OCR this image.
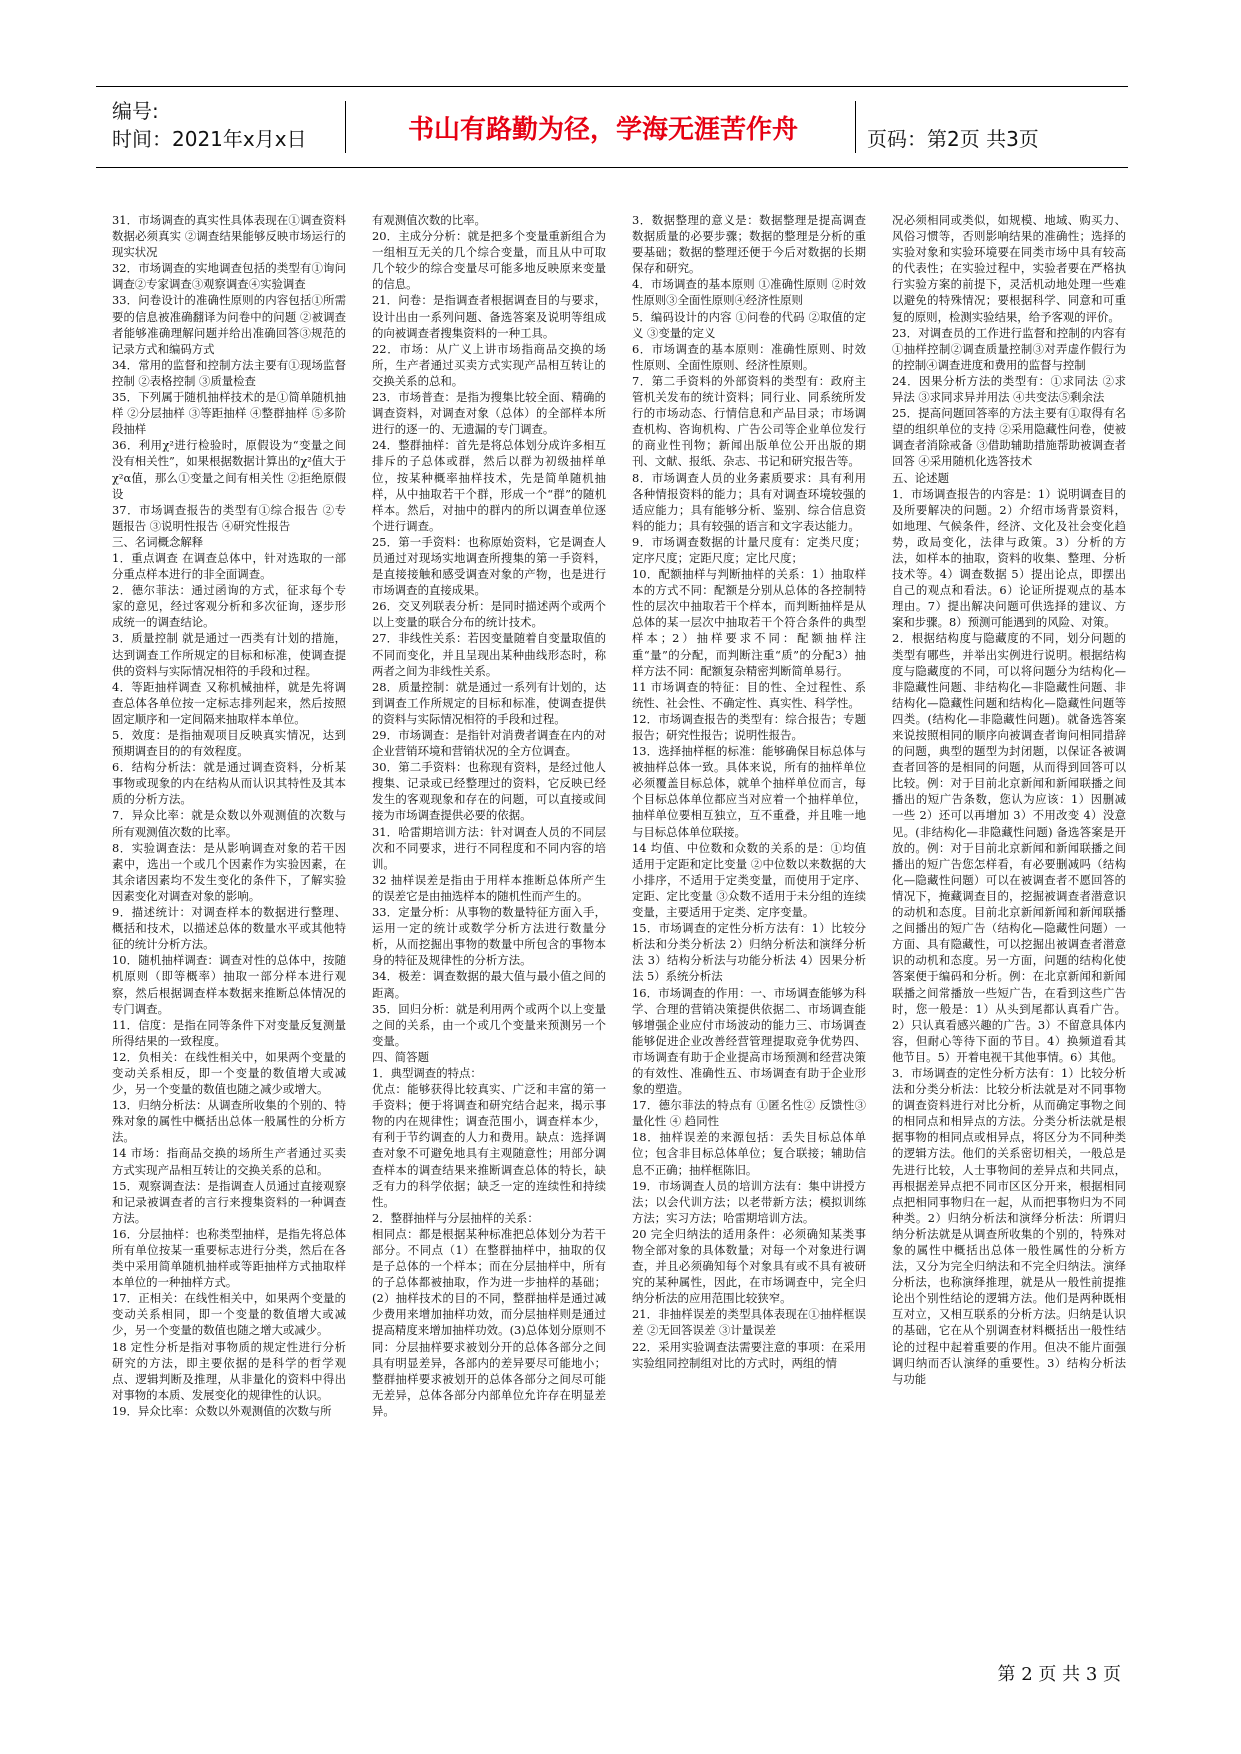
编号:
时间：2021年x月x日	书山有路勤为径，学海无涯苦作舟	页码：第2页 共3页

31．市场调查的真实性具体表现在①调查资料数据必须真实 ②调查结果能够反映市场运行的现实状况

32．市场调查的实地调查包括的类型有①询问调查②专家调查③观察调查④实验调查

33．问卷设计的准确性原则的内容包括①所需要的信息被准确翻译为问卷中的问题 ②被调查者能够准确理解问题并给出准确回答③规范的记录方式和编码方式

34．常用的监督和控制方法主要有①现场监督控制 ②表格控制 ③质量检查

35．下列属于随机抽样技术的是①简单随机抽样 ②分层抽样 ③等距抽样 ④整群抽样 ⑤多阶段抽样

36．利用χ²进行检验时，原假设为“变量之间没有相关性”，如果根据数据计算出的χ²值大于χ²α值，那么①变量之间有相关性 ②拒绝原假设

37．市场调查报告的类型有①综合报告 ②专题报告 ③说明性报告 ④研究性报告

三、名词概念解释

1．重点调查 在调查总体中，针对选取的一部分重点样本进行的非全面调查。

2．德尔菲法：通过函询的方式，征求每个专家的意见，经过客观分析和多次征询，逐步形成统一的调查结论。

3．质量控制 就是通过一西类有计划的措施，达到调查工作所规定的目标和标准，使调查提供的资料与实际情况相符的手段和过程。

4．等距抽样调查 又称机械抽样，就是先将调查总体各单位按一定标志排列起来，然后按照固定顺序和一定间隔来抽取样本单位。

5．效度：是指抽观项目反映真实情况，达到预期调查目的的有效程度。

6．结构分析法：就是通过调查资料，分析某事物或现象的内在结构从而认识其特性及其本质的分析方法。

7．异众比率：就是众数以外观测值的次数与所有观测值次数的比率。

8．实验调查法：是从影响调查对象的若干因素中，选出一个或几个因素作为实验因素，在其余诸因素均不发生变化的条件下，了解实验因素变化对调查对象的影响。

9．描述统计：对调查样本的数据进行整理、概括和技术，以描述总体的数量水平或其他特征的统计分析方法。

10．随机抽样调查：调查对性的总体中，按随机原则（即等概率）抽取一部分样本进行观察，然后根据调查样本数据来推断总体情况的专门调查。

11．信度：是指在同等条件下对变量反复测量所得结果的一致程度。

12．负相关：在线性相关中，如果两个变量的变动关系相反，即一个变量的数值增大或减少，另一个变量的数值也随之减少或增大。

13．归纳分析法：从调查所收集的个别的、特殊对象的属性中概括出总体一般属性的分析方法。

14 市场：指商品交换的场所生产者通过买卖方式实现产品相互转让的交换关系的总和。

15．观察调查法：是指调查人员通过直接观察和记录被调查者的言行来搜集资料的一种调查方法。

16．分层抽样：也称类型抽样，是指先将总体所有单位按某一重要标志进行分类，然后在各类中采用简单随机抽样或等距抽样方式抽取样本单位的一种抽样方式。

17．正相关：在线性相关中，如果两个变量的变动关系相同，即一个变量的数值增大或减少，另一个变量的数值也随之增大或减少。

18 定性分析是指对事物质的规定性进行分析研究的方法，即主要依据的是科学的哲学观点、逻辑判断及推理，从非量化的资料中得出对事物的本质、发展变化的规律性的认识。

19．异众比率：众数以外观测值的次数与所

有观测值次数的比率。

20．主成分分析：就是把多个变量重新组合为一组相互无关的几个综合变量，而且从中可取几个较少的综合变量尽可能多地反映原来变量的信息。

21．问卷：是指调查者根据调查目的与要求，设计出由一系列问题、备选答案及说明等组成的向被调查者搜集资料的一种工具。

22．市场：从广义上讲市场指商品交换的场所，生产者通过买卖方式实现产品相互转让的交换关系的总和。

23．市场普查：是指为搜集比较全面、精确的调查资料，对调查对象（总体）的全部样本所进行的逐一的、无遗漏的专门调查。

24．整群抽样：首先是将总体划分成许多相互排斥的子总体或群，然后以群为初级抽样单位，按某种概率抽样技术，先是简单随机抽样，从中抽取若干个群，形成一个“群”的随机样本。然后，对抽中的群内的所以调查单位逐个进行调查。

25．第一手资料：也称原始资料，它是调查人员通过对现场实地调查所搜集的第一手资料，是直接接触和感受调查对象的产物，也是进行市场调查的直接成果。

26．交叉列联表分析：是同时描述两个或两个以上变量的联合分布的统计技术。

27．非线性关系：若因变量随着自变量取值的不同而变化，并且呈现出某种曲线形态时，称两者之间为非线性关系。

28．质量控制：就是通过一系列有计划的，达到调查工作所规定的目标和标准，使调查提供的资料与实际情况相符的手段和过程。

29．市场调查：是指针对消费者调查在内的对企业营销环境和营销状况的全方位调查。

30．第二手资料：也称现有资料，是经过他人搜集、记录或已经整理过的资料，它反映已经发生的客观现象和存在的问题，可以直接或间接为市场调查提供必要的依据。

31．哈雷期培训方法：针对调查人员的不同层次和不同要求，进行不同程度和不同内容的培训。

32 抽样误差是指由于用样本推断总体所产生的误差它是由抽选样本的随机性而产生的。

33．定量分析：从事物的数量特征方面入手，运用一定的统计或数学分析方法进行数量分析，从而挖掘出事物的数量中所包含的事物本身的特征及规律性的分析方法。

34．极差：调查数据的最大值与最小值之间的距离。

35．回归分析：就是利用两个或两个以上变量之间的关系，由一个或几个变量来预测另一个变量。

四、简答题

1．典型调查的特点：

优点：能够获得比较真实、广泛和丰富的第一手资料；便于将调查和研究结合起来，揭示事物的内在规律性；调查范围小，调查样本少，有利于节约调查的人力和费用。缺点：选择调查对象不可避免地具有主观随意性；用部分调查样本的调查结果来推断调查总体的特长，缺乏有力的科学依据；缺乏一定的连续性和持续性。

2．整群抽样与分层抽样的关系：

相同点：都是根据某种标准把总体划分为若干部分。不同点（1）在整群抽样中，抽取的仅是子总体的一个样本；而在分层抽样中，所有的子总体都被抽取，作为进一步抽样的基础；(2）抽样技术的目的不同，整群抽样是通过减少费用来增加抽样功效，而分层抽样则是通过提高精度来增加抽样功效。(3)总体划分原则不同：分层抽样要求被划分开的总体各部分之间具有明显差异，各部内的差异要尽可能地小；整群抽样要求被划开的总体各部分之间尽可能无差异，总体各部分内部单位允许存在明显差异。

3．数据整理的意义是：数据整理是提高调查数据质量的必要步骤；数据的整理是分析的重要基础；数据的整理还便于今后对数据的长期保存和研究。

4．市场调查的基本原则 ①准确性原则 ②时效性原则③全面性原则④经济性原则

5．编码设计的内容 ①问卷的代码 ②取值的定义 ③变量的定义

6．市场调查的基本原则：准确性原则、时效性原则、全面性原则、经济性原则。

7．第二手资料的外部资料的类型有：政府主管机关发布的统计资料；同行业、同系统所发行的市场动态、行情信息和产品目录；市场调查机构、咨询机构、广告公司等企业单位发行的商业性刊物；新闻出版单位公开出版的期刊、文献、报纸、杂志、书记和研究报告等。

8．市场调查人员的业务素质要求：具有利用各种情报资料的能力；具有对调查环境较强的适应能力；具有能够分析、鉴别、综合信息资料的能力；具有较强的语言和文字表达能力。

9．市场调查数据的计量尺度有：定类尺度；定序尺度；定距尺度；定比尺度；

10．配额抽样与判断抽样的关系：1）抽取样本的方式不同：配额是分别从总体的各控制特性的层次中抽取若干个样本，而判断抽样是从总体的某一层次中抽取若干个符合条件的典型样本；2）抽样要求不同：配额抽样注重“量”的分配，而判断注重“质”的分配3）抽样方法不同：配额复杂精密判断简单易行。

11 市场调查的特征：目的性、全过程性、系统性、社会性、不确定性、真实性、科学性。

12．市场调查报告的类型有：综合报告；专题报告；研究性报告；说明性报告。

13．选择抽样框的标准：能够确保目标总体与被抽样总体一致。具体来说，所有的抽样单位必须覆盖目标总体，就单个抽样单位而言，每个目标总体单位都应当对应着一个抽样单位，抽样单位要相互独立，互不重叠，并且唯一地与目标总体单位联接。

14 均值、中位数和众数的关系的是：①均值适用于定距和定比变量 ②中位数以来数据的大小排序，不适用于定类变量，而使用于定序、定距、定比变量 ③众数不适用于未分组的连续变量，主要适用于定类、定序变量。

15．市场调查的定性分析方法有：1）比较分析法和分类分析法 2）归纳分析法和演绎分析法 3）结构分析法与功能分析法 4）因果分析法 5）系统分析法

16．市场调查的作用：一、市场调查能够为科学、合理的营销决策提供依据二、市场调查能够增强企业应付市场波动的能力三、市场调查能够促进企业改善经营管理提取竞争优势四、市场调查有助于企业提高市场预测和经营决策的有效性、准确性五、市场调查有助于企业形象的塑造。

17．德尔菲法的特点有 ①匿名性② 反馈性③量化性 ④ 趋同性

18．抽样误差的来源包括：丢失目标总体单位；包含非目标总体单位；复合联接；辅助信息不正确；抽样框陈旧。

19．市场调查人员的培训方法有：集中讲授方法；以会代训方法；以老带新方法；模拟训练方法；实习方法；哈雷期培训方法。

20 完全归纳法的适用条件：必须确知某类事物全部对象的具体数量；对每一个对象进行调查，并且必须确知每个对象具有或不具有被研究的某种属性，因此，在市场调查中，完全归纳分析法的应用范围比较狭窄。

21．非抽样误差的类型具体表现在①抽样框误差 ②无回答误差 ③计量误差

22．采用实验调查法需要注意的事项：在采用实验组同控制组对比的方式时，两组的情

况必须相同或类似，如规模、地域、购买力、风俗习惯等，否则影响结果的准确性；选择的实验对象和实验环境要在同类市场中具有较高的代表性；在实验过程中，实验者要在严格执行实验方案的前提下，灵活机动地处理一些难以避免的特殊情况；要根据科学、同意和可重复的原则，检测实验结果，给予客观的评价。

23．对调查员的工作进行监督和控制的内容有①抽样控制②调查质量控制③对弄虚作假行为的控制④调查进度和费用的监督与控制

24．因果分析方法的类型有：①求同法 ②求异法 ③求同求异并用法 ④共变法⑤剩余法

25．提高问题回答率的方法主要有①取得有名望的组织单位的支持 ②采用隐藏性问卷，使被调查者消除戒备 ③借助辅助措施帮助被调查者回答 ④采用随机化选答技术

五、论述题

1．市场调查报告的内容是：1）说明调查目的及所要解决的问题。2）介绍市场背景资料，如地理、气候条件，经济、文化及社会变化趋势，政局变化，法律与政策。3）分析的方法，如样本的抽取，资料的收集、整理、分析技术等。4）调查数据 5）提出论点，即摆出自己的观点和看法。6）论证所提观点的基本理由。7）提出解决问题可供选择的建议、方案和步骤。8）预测可能遇到的风险、对策。

2．根据结构度与隐藏度的不同，划分问题的类型有哪些，并举出实例进行说明。根据结构度与隐藏度的不同，可以将问题分为结构化—非隐藏性问题、非结构化—非隐藏性问题、非结构化—隐藏性问题和结构化—隐藏性问题等四类。(结构化—非隐藏性问题)。就备选答案来说按照相同的顺序向被调查者询问相同措辞的问题，典型的题型为封闭题，以保证各被调查者回答的是相同的问题，从而得到回答可以比较。例：对于目前北京新闻和新闻联播之间播出的短广告条数，您认为应该：1）因删减一些 2）还可以再增加 3）不用改变 4）没意见。(非结构化—非隐藏性问题) 备选答案是开放的。例：对于目前北京新闻和新闻联播之间播出的短广告您怎样看，有必要删减吗（结构化—隐藏性问题）可以在被调查者不愿回答的情况下，掩藏调查目的，挖掘被调查者潜意识的动机和态度。目前北京新闻新闻和新闻联播之间播出的短广告（结构化—隐藏性问题）一方面、具有隐藏性，可以挖掘出被调查者潜意识的动机和态度。另一方面，问题的结构化使答案便于编码和分析。例：在北京新闻和新闻联播之间常播放一些短广告，在看到这些广告时，您一般是：1）从头到尾都认真看广告。2）只认真看感兴趣的广告。3）不留意具体内容，但耐心等待下面的节目。4）换频道看其他节目。5）开着电视干其他事情。6）其他。

3．市场调查的定性分析方法有：1）比较分析法和分类分析法：比较分析法就是对不同事物的调查资料进行对比分析，从而确定事物之间的相同点和相异点的方法。分类分析法就是根据事物的相同点或相异点，将区分为不同种类的逻辑方法。他们的关系密切相关，一般总是先进行比较，人士事物间的差异点和共同点，再根据差异点把不同市区区分开来，根据相同点把相同事物归在一起，从而把事物归为不同种类。2）归纳分析法和演绎分析法：所谓归纳分析法就是从调查所收集的个别的，特殊对象的属性中概括出总体一般性属性的分析方法，又分为完全归纳法和不完全归纳法。演绎分析法，也称演绎推理，就是从一般性前提推论出个别性结论的逻辑方法。他们是两种既相互对立，又相互联系的分析方法。归纳是认识的基础，它在从个别调查材料概括出一般性结论的过程中起着重要的作用。但决不能片面强调归纳而否认演绎的重要性。3）结构分析法与功能

第 2 页 共 3 页
